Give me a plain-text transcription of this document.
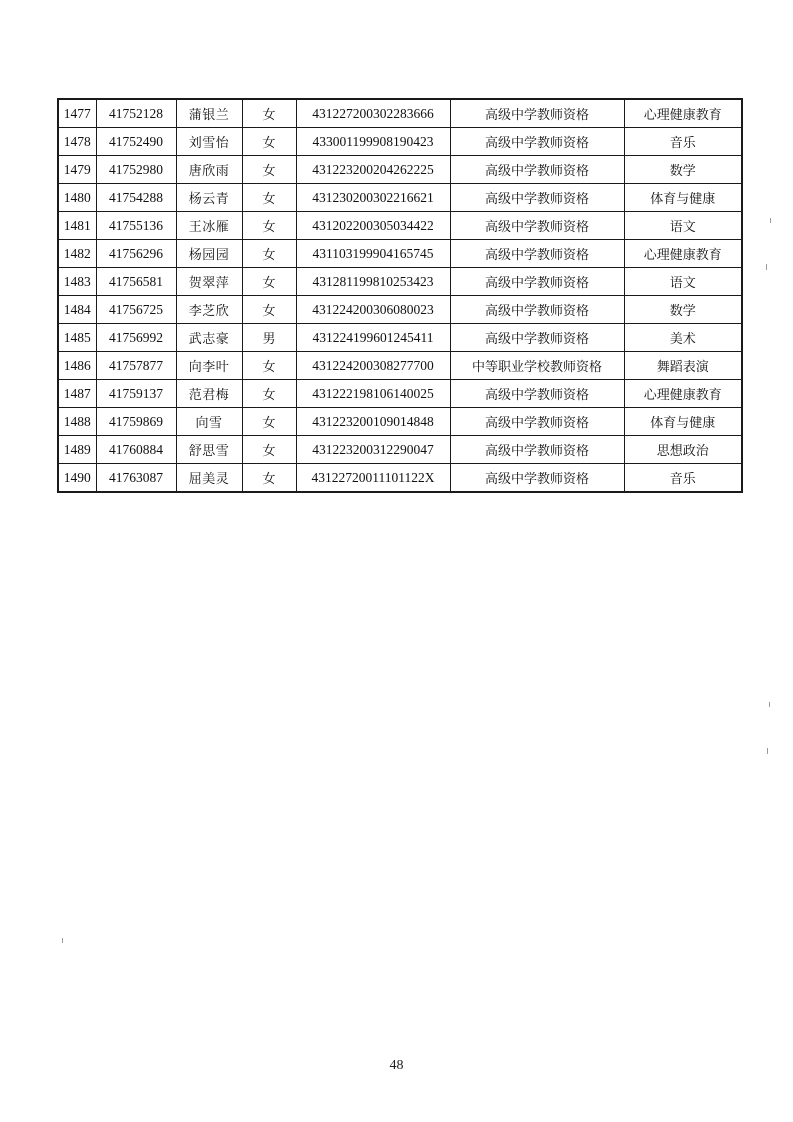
1477	41752128	蒲银兰	女	431227200302283666	高级中学教师资格	心理健康教育
1478	41752490	刘雪怡	女	433001199908190423	高级中学教师资格	音乐
1479	41752980	唐欣雨	女	431223200204262225	高级中学教师资格	数学
1480	41754288	杨云青	女	431230200302216621	高级中学教师资格	体育与健康
1481	41755136	王冰雁	女	431202200305034422	高级中学教师资格	语文
1482	41756296	杨园园	女	431103199904165745	高级中学教师资格	心理健康教育
1483	41756581	贺翠萍	女	431281199810253423	高级中学教师资格	语文
1484	41756725	李芝欣	女	431224200306080023	高级中学教师资格	数学
1485	41756992	武志豪	男	431224199601245411	高级中学教师资格	美术
1486	41757877	向李叶	女	431224200308277700	中等职业学校教师资格	舞蹈表演
1487	41759137	范君梅	女	431222198106140025	高级中学教师资格	心理健康教育
1488	41759869	向雪	女	431223200109014848	高级中学教师资格	体育与健康
1489	41760884	舒思雪	女	431223200312290047	高级中学教师资格	思想政治
1490	41763087	屈美灵	女	43122720011101122X	高级中学教师资格	音乐
48
